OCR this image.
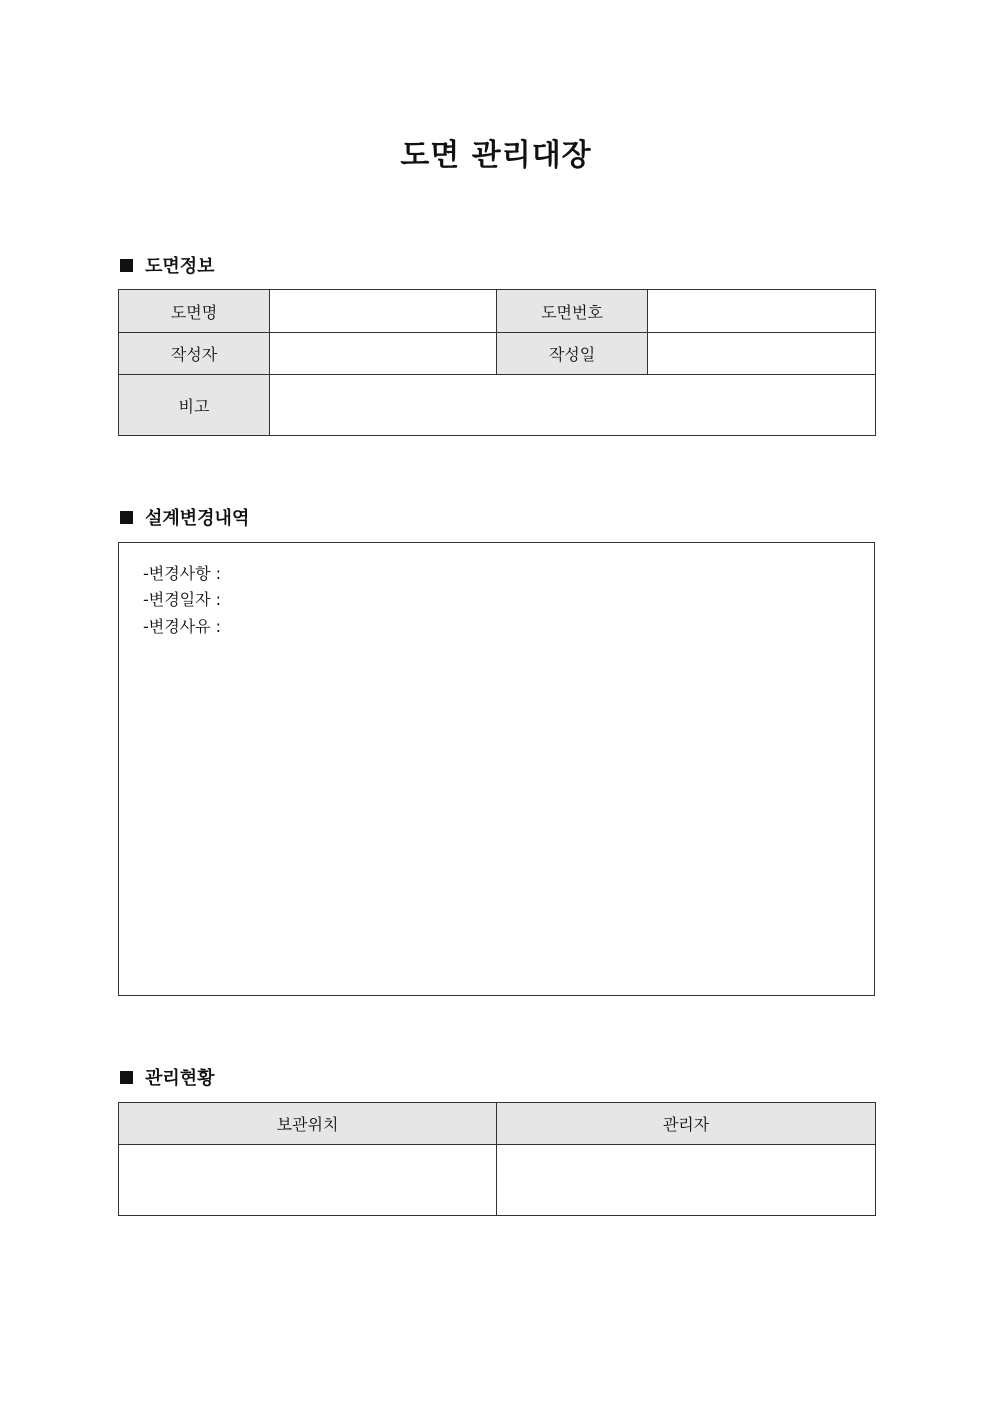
도면 관리대장
도면정보
도면명		도면번호	
작성자		작성일	
비고			
설계변경내역
-변경사항 :
-변경일자 :
-변경사유 :
관리현황
보관위치	관리자
